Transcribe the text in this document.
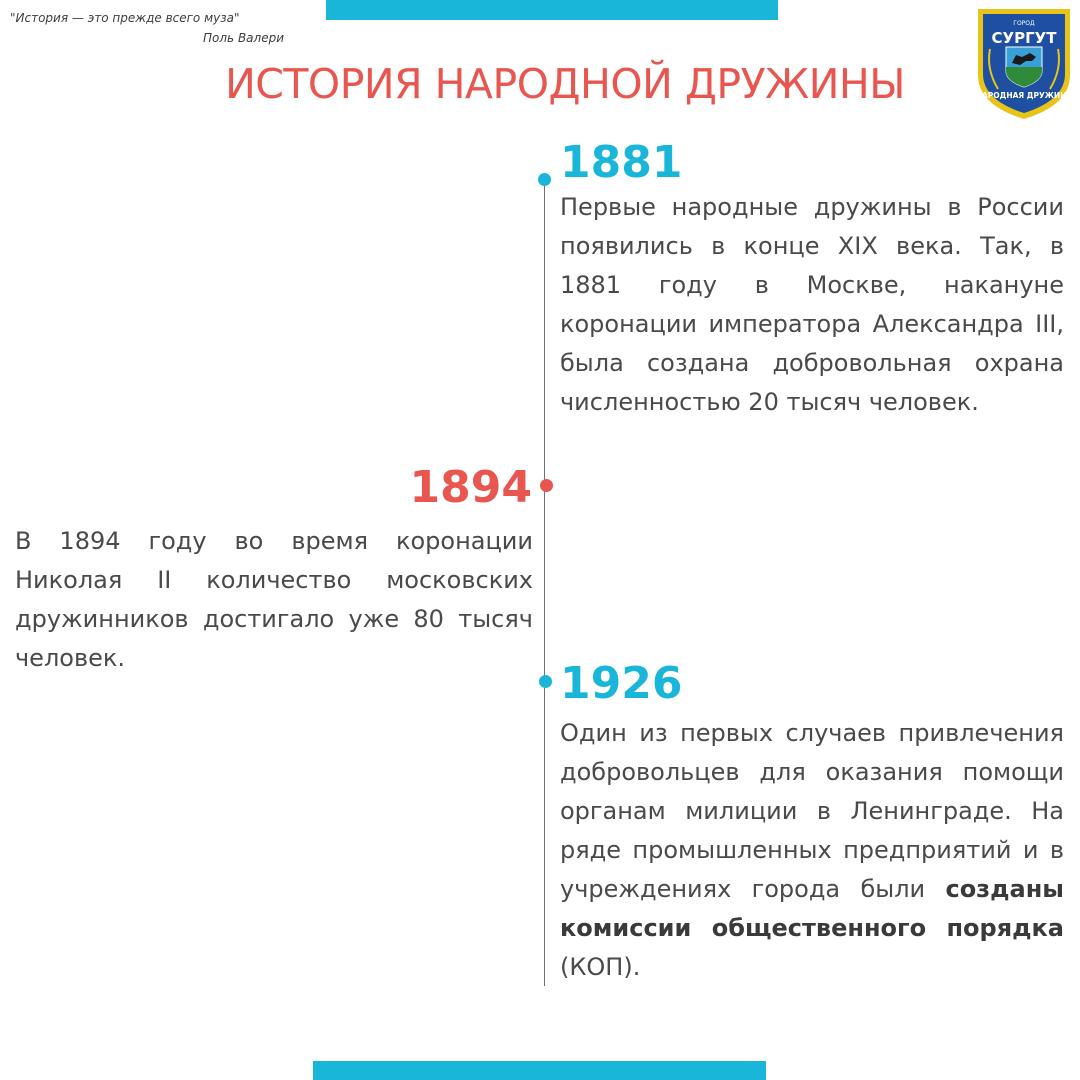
"История — это прежде всего муза"
Поль Валери
ИСТОРИЯ НАРОДНОЙ ДРУЖИНЫ
ГОРОД
СУРГУТ
НАРОДНАЯ ДРУЖИНА
1881
Первые народные дружины в России появились в конце XIX века. Так, в 1881 году в Москве, накануне коронации императора Александра III, была создана добровольная охрана численностью 20 тысяч человек.
1894
В 1894 году во время коронации Николая II количество московских дружинников достигало уже 80 тысяч человек.	1926
Один из первых случаев привлечения добровольцев для оказания помощи органам милиции в Ленинграде. На ряде промышленных предприятий и в учреждениях города были созданы комиссии общественного порядка (КОП).
